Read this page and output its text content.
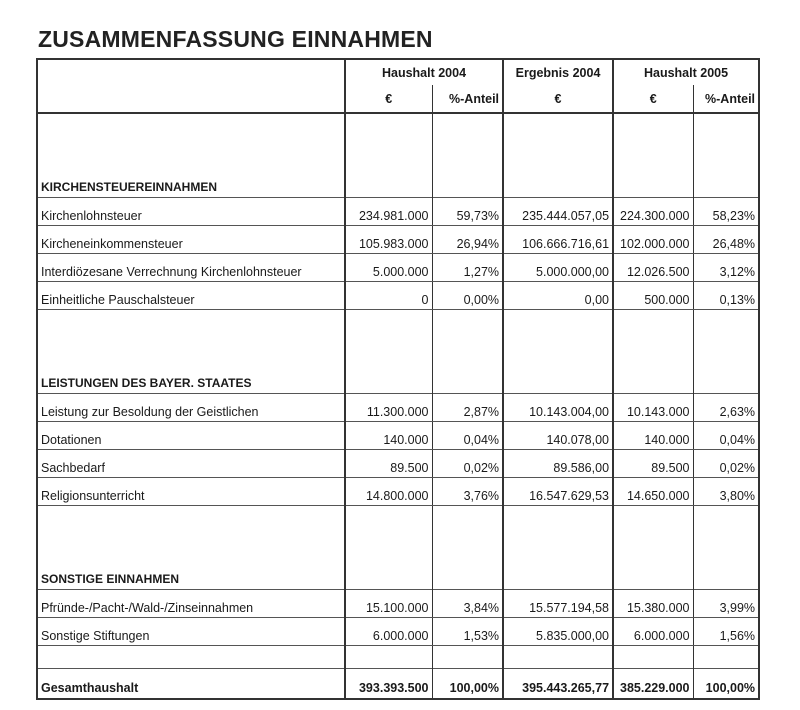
ZUSAMMENFASSUNG EINNAHMEN
	Haushalt 2004		Ergebnis 2004	Haushalt 2005	
	€	%-Anteil	€	€	%-Anteil

KIRCHENSTEUEREINNAHMEN					
Kirchenlohnsteuer	234.981.000	59,73%	235.444.057,05	224.300.000	58,23%
Kircheneinkommensteuer	105.983.000	26,94%	106.666.716,61	102.000.000	26,48%
Interdiözesane Verrechnung Kirchenlohnsteuer	5.000.000	1,27%	5.000.000,00	12.026.500	3,12%
Einheitliche Pauschalsteuer	0	0,00%	0,00	500.000	0,13%

LEISTUNGEN DES BAYER. STAATES					
Leistung zur Besoldung der Geistlichen	11.300.000	2,87%	10.143.004,00	10.143.000	2,63%
Dotationen	140.000	0,04%	140.078,00	140.000	0,04%
Sachbedarf	89.500	0,02%	89.586,00	89.500	0,02%
Religionsunterricht	14.800.000	3,76%	16.547.629,53	14.650.000	3,80%

SONSTIGE EINNAHMEN					
Pfründe-/Pacht-/Wald-/Zinseinnahmen	15.100.000	3,84%	15.577.194,58	15.380.000	3,99%
Sonstige Stiftungen	6.000.000	1,53%	5.835.000,00	6.000.000	1,56%

Gesamthaushalt	393.393.500	100,00%	395.443.265,77	385.229.000	100,00%
